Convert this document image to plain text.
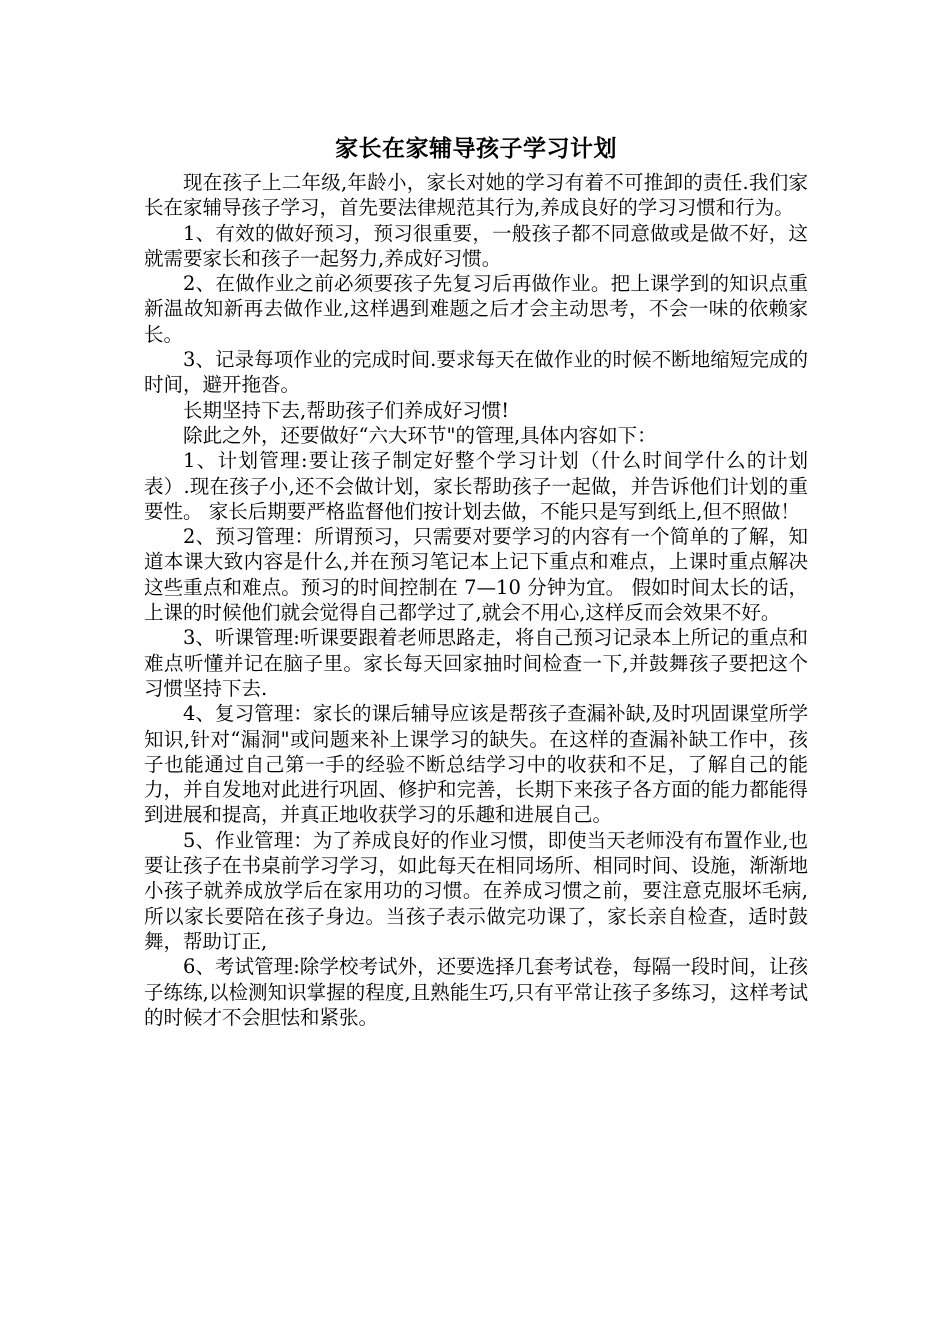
家长在家辅导孩子学习计划

现在孩子上二年级,年龄小，家长对她的学习有着不可推卸的责任.我们家长在家辅导孩子学习，首先要法律规范其行为,养成良好的学习习惯和行为。

1、有效的做好预习，预习很重要，一般孩子都不同意做或是做不好，这就需要家长和孩子一起努力,养成好习惯。

2、在做作业之前必须要孩子先复习后再做作业。把上课学到的知识点重新温故知新再去做作业,这样遇到难题之后才会主动思考，不会一味的依赖家长。

3、记录每项作业的完成时间.要求每天在做作业的时候不断地缩短完成的时间，避开拖沓。

长期坚持下去,帮助孩子们养成好习惯!

除此之外，还要做好“六大环节"的管理,具体内容如下：

1、计划管理:要让孩子制定好整个学习计划（什么时间学什么的计划表）.现在孩子小,还不会做计划，家长帮助孩子一起做，并告诉他们计划的重要性。 家长后期要严格监督他们按计划去做，不能只是写到纸上,但不照做！

2、预习管理：所谓预习，只需要对要学习的内容有一个简单的了解，知道本课大致内容是什么,并在预习笔记本上记下重点和难点，上课时重点解决这些重点和难点。预习的时间控制在 7—10 分钟为宜。 假如时间太长的话，上课的时候他们就会觉得自己都学过了,就会不用心,这样反而会效果不好。

3、听课管理:听课要跟着老师思路走，将自己预习记录本上所记的重点和难点听懂并记在脑子里。家长每天回家抽时间检查一下,并鼓舞孩子要把这个习惯坚持下去.

4、复习管理：家长的课后辅导应该是帮孩子查漏补缺,及时巩固课堂所学知识,针对“漏洞"或问题来补上课学习的缺失。在这样的查漏补缺工作中，孩子也能通过自己第一手的经验不断总结学习中的收获和不足，了解自己的能力，并自发地对此进行巩固、修护和完善，长期下来孩子各方面的能力都能得到进展和提高，并真正地收获学习的乐趣和进展自己。

5、作业管理：为了养成良好的作业习惯，即使当天老师没有布置作业,也要让孩子在书桌前学习学习，如此每天在相同场所、相同时间、设施，渐渐地小孩子就养成放学后在家用功的习惯。在养成习惯之前，要注意克服坏毛病,所以家长要陪在孩子身边。当孩子表示做完功课了，家长亲自检查，适时鼓舞，帮助订正,

6、考试管理:除学校考试外，还要选择几套考试卷，每隔一段时间，让孩子练练,以检测知识掌握的程度,且熟能生巧,只有平常让孩子多练习，这样考试的时候才不会胆怯和紧张。
